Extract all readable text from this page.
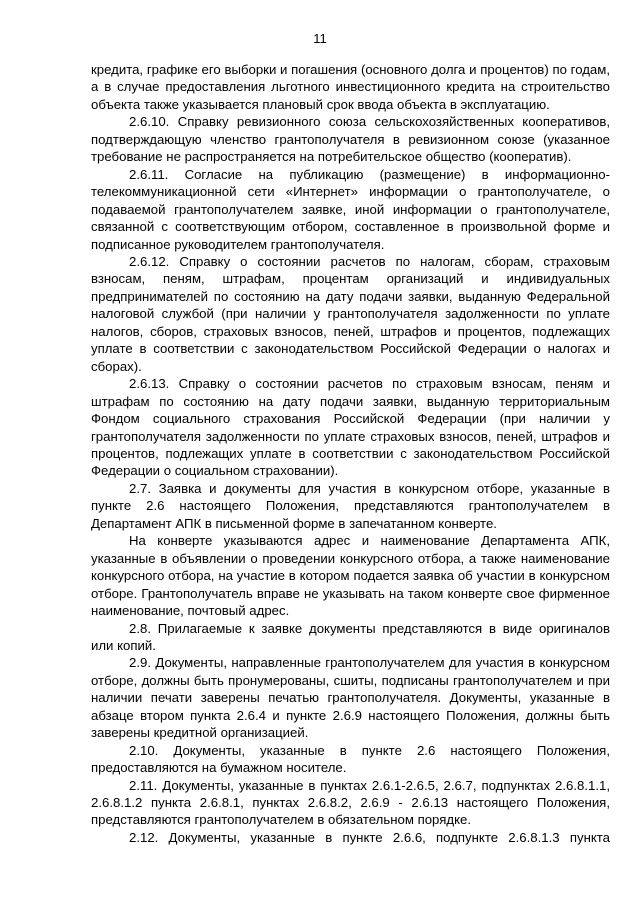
11

кредита, графике его выборки и погашения (основного долга и процентов) по годам, а в случае предоставления льготного инвестиционного кредита на строительство объекта также указывается плановый срок ввода объекта в эксплуатацию.

2.6.10. Справку ревизионного союза сельскохозяйственных кооперативов, подтверждающую членство грантополучателя в ревизионном союзе (указанное требование не распространяется на потребительское общество (кооператив).

2.6.11. Согласие на публикацию (размещение) в информационно-телекоммуникационной сети «Интернет» информации о грантополучателе, о подаваемой грантополучателем заявке, иной информации о грантополучателе, связанной с соответствующим отбором, составленное в произвольной форме и подписанное руководителем грантополучателя.

2.6.12. Справку о состоянии расчетов по налогам, сборам, страховым взносам, пеням, штрафам, процентам организаций и индивидуальных предпринимателей по состоянию на дату подачи заявки, выданную Федеральной налоговой службой (при наличии у грантополучателя задолженности по уплате налогов, сборов, страховых взносов, пеней, штрафов и процентов, подлежащих уплате в соответствии с законодательством Российской Федерации о налогах и сборах).

2.6.13. Справку о состоянии расчетов по страховым взносам, пеням и штрафам по состоянию на дату подачи заявки, выданную территориальным Фондом социального страхования Российской Федерации (при наличии у грантополучателя задолженности по уплате страховых взносов, пеней, штрафов и процентов, подлежащих уплате в соответствии с законодательством Российской Федерации о социальном страховании).

2.7. Заявка и документы для участия в конкурсном отборе, указанные в пункте 2.6 настоящего Положения, представляются грантополучателем в Департамент АПК в письменной форме в запечатанном конверте.

На конверте указываются адрес и наименование Департамента АПК, указанные в объявлении о проведении конкурсного отбора, а также наименование конкурсного отбора, на участие в котором подается заявка об участии в конкурсном отборе. Грантополучатель вправе не указывать на таком конверте свое фирменное наименование, почтовый адрес.

2.8. Прилагаемые к заявке документы представляются в виде оригиналов или копий.

2.9. Документы, направленные грантополучателем для участия в конкурсном отборе, должны быть пронумерованы, сшиты, подписаны грантополучателем и при наличии печати заверены печатью грантополучателя. Документы, указанные в абзаце втором пункта 2.6.4 и пункте 2.6.9 настоящего Положения, должны быть заверены кредитной организацией.

2.10. Документы, указанные в пункте 2.6 настоящего Положения, предоставляются на бумажном носителе.

2.11. Документы, указанные в пунктах 2.6.1-2.6.5, 2.6.7, подпунктах 2.6.8.1.1, 2.6.8.1.2 пункта 2.6.8.1, пунктах 2.6.8.2, 2.6.9 - 2.6.13 настоящего Положения, представляются грантополучателем в обязательном порядке.

2.12. Документы, указанные в пункте 2.6.6, подпункте 2.6.8.1.3 пункта
